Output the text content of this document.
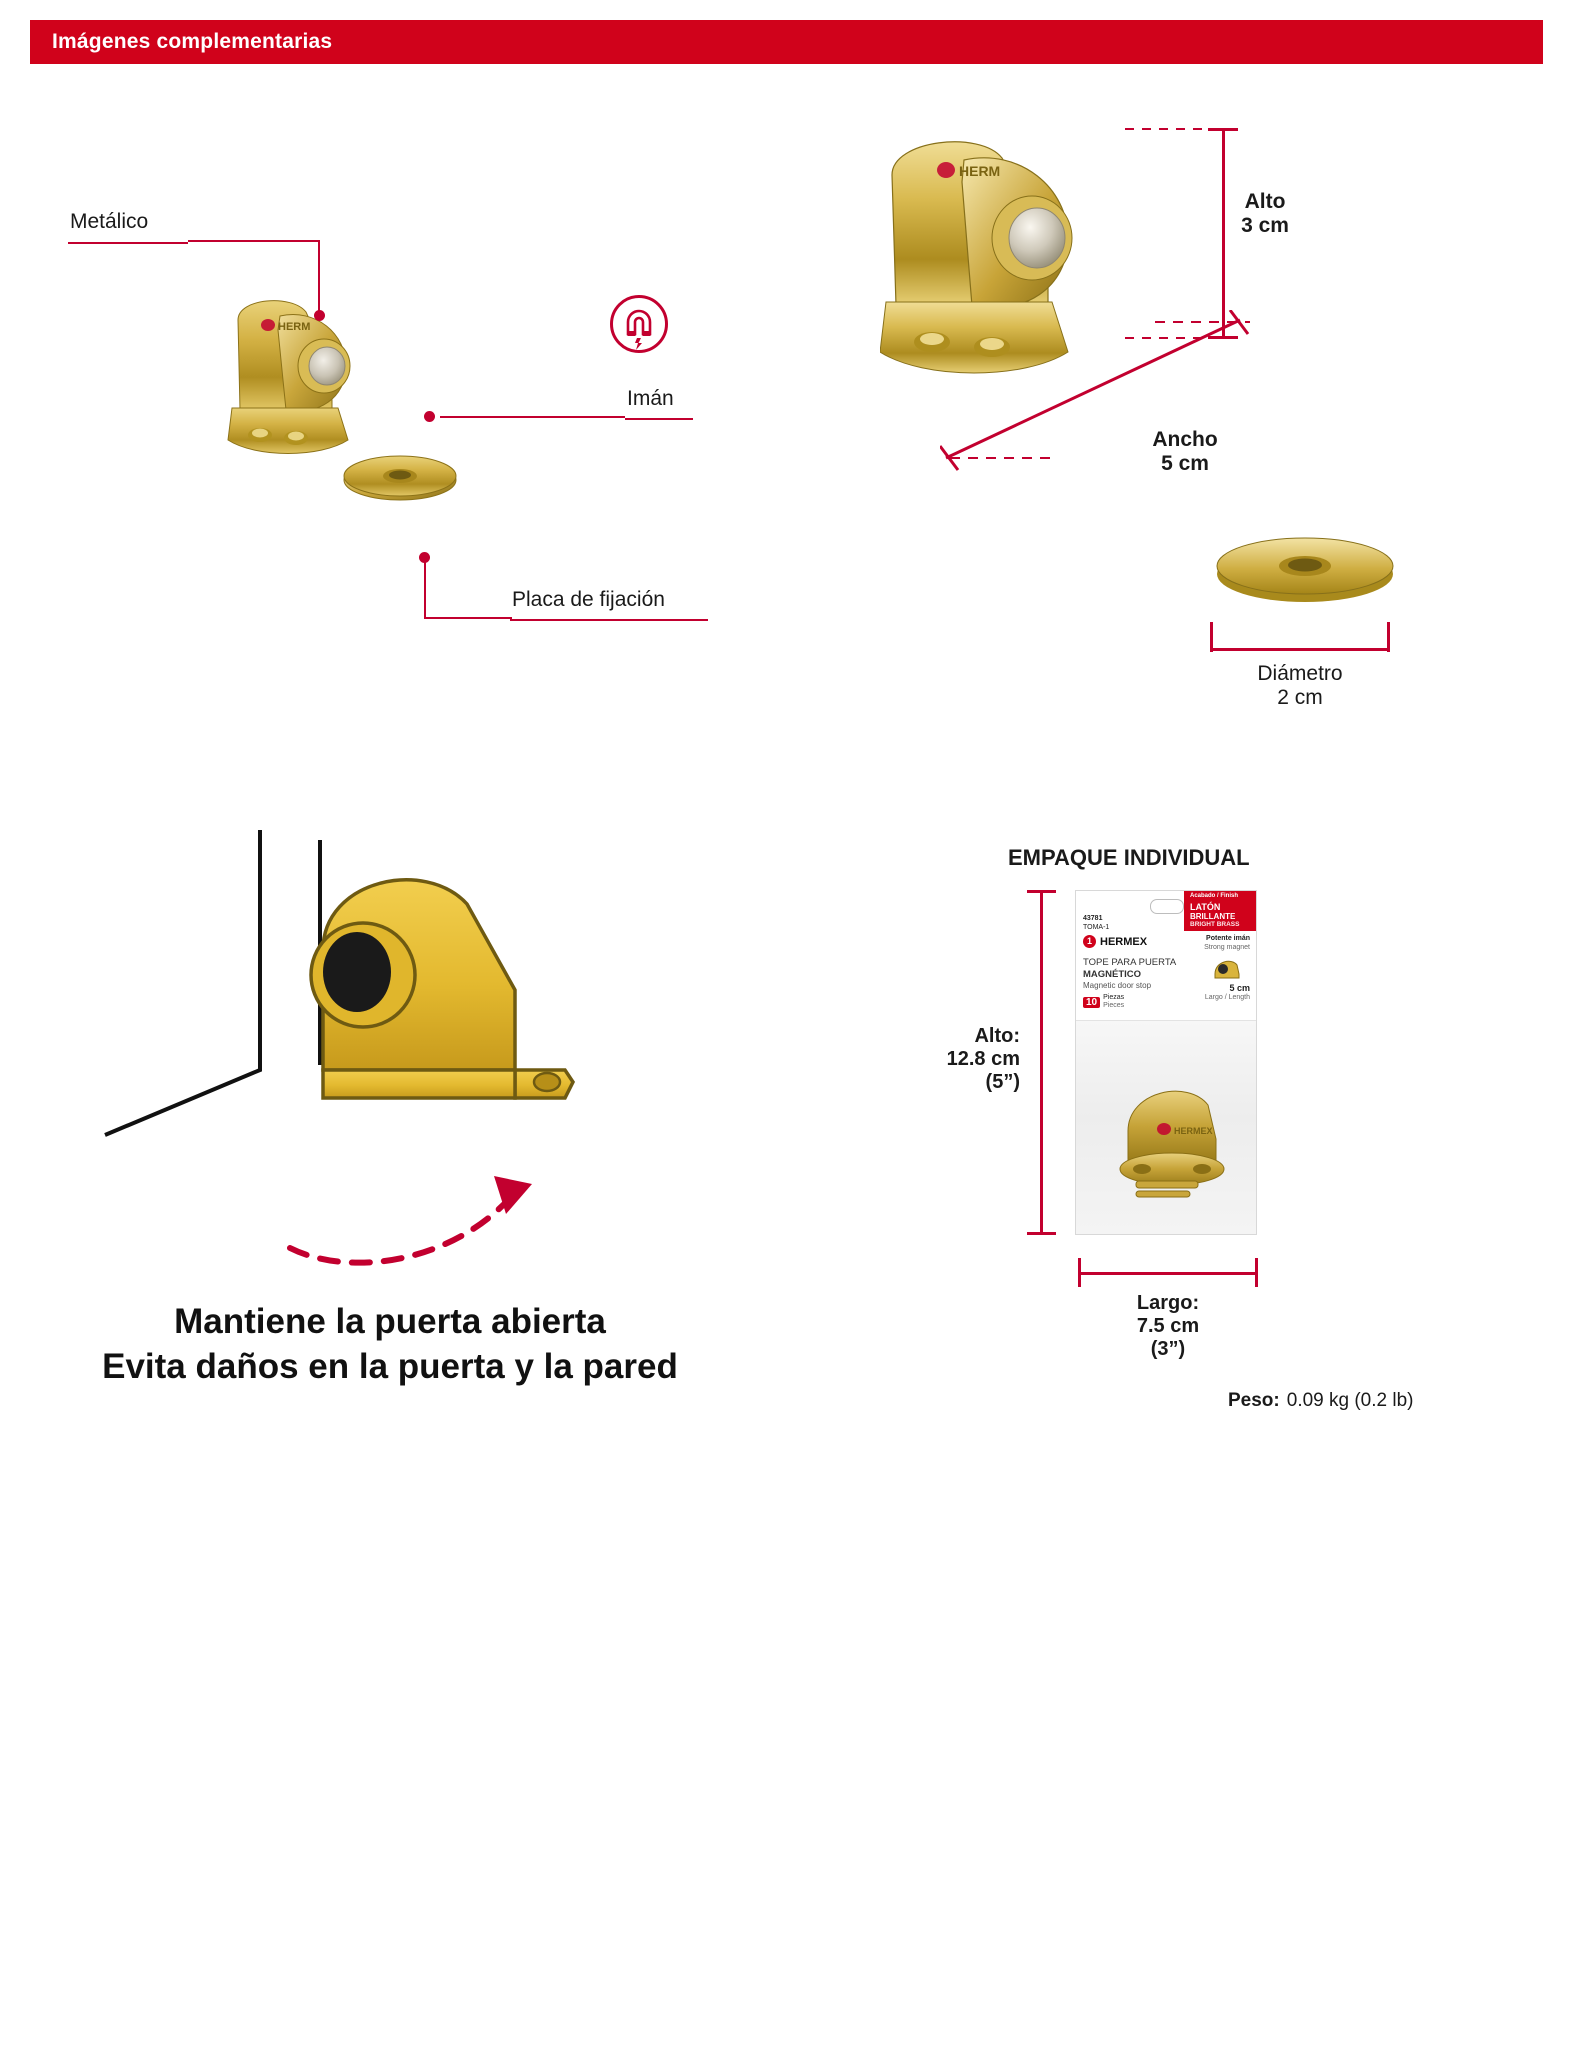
Imágenes complementarias
HERM
Metálico
Imán
Placa de fijación
HERM
Alto
3 cm
Ancho
5 cm
Diámetro
2 cm
Mantiene la puerta abierta
Evita daños en la puerta y la pared
EMPAQUE INDIVIDUAL
Acabado / Finish
LATÓN
BRILLANTE
BRIGHT BRASS
43781
TOMA-1
1 HERMEX
TOPE PARA PUERTA
MAGNÉTICO
Magnetic door stop
Potente imán
Strong magnet
5 cm
Largo / Length
10 Piezas
Pieces
HERMEX
Alto:
12.8 cm
(5”)
Largo:
7.5 cm
(3”)
Peso: 0.09 kg (0.2 lb)
